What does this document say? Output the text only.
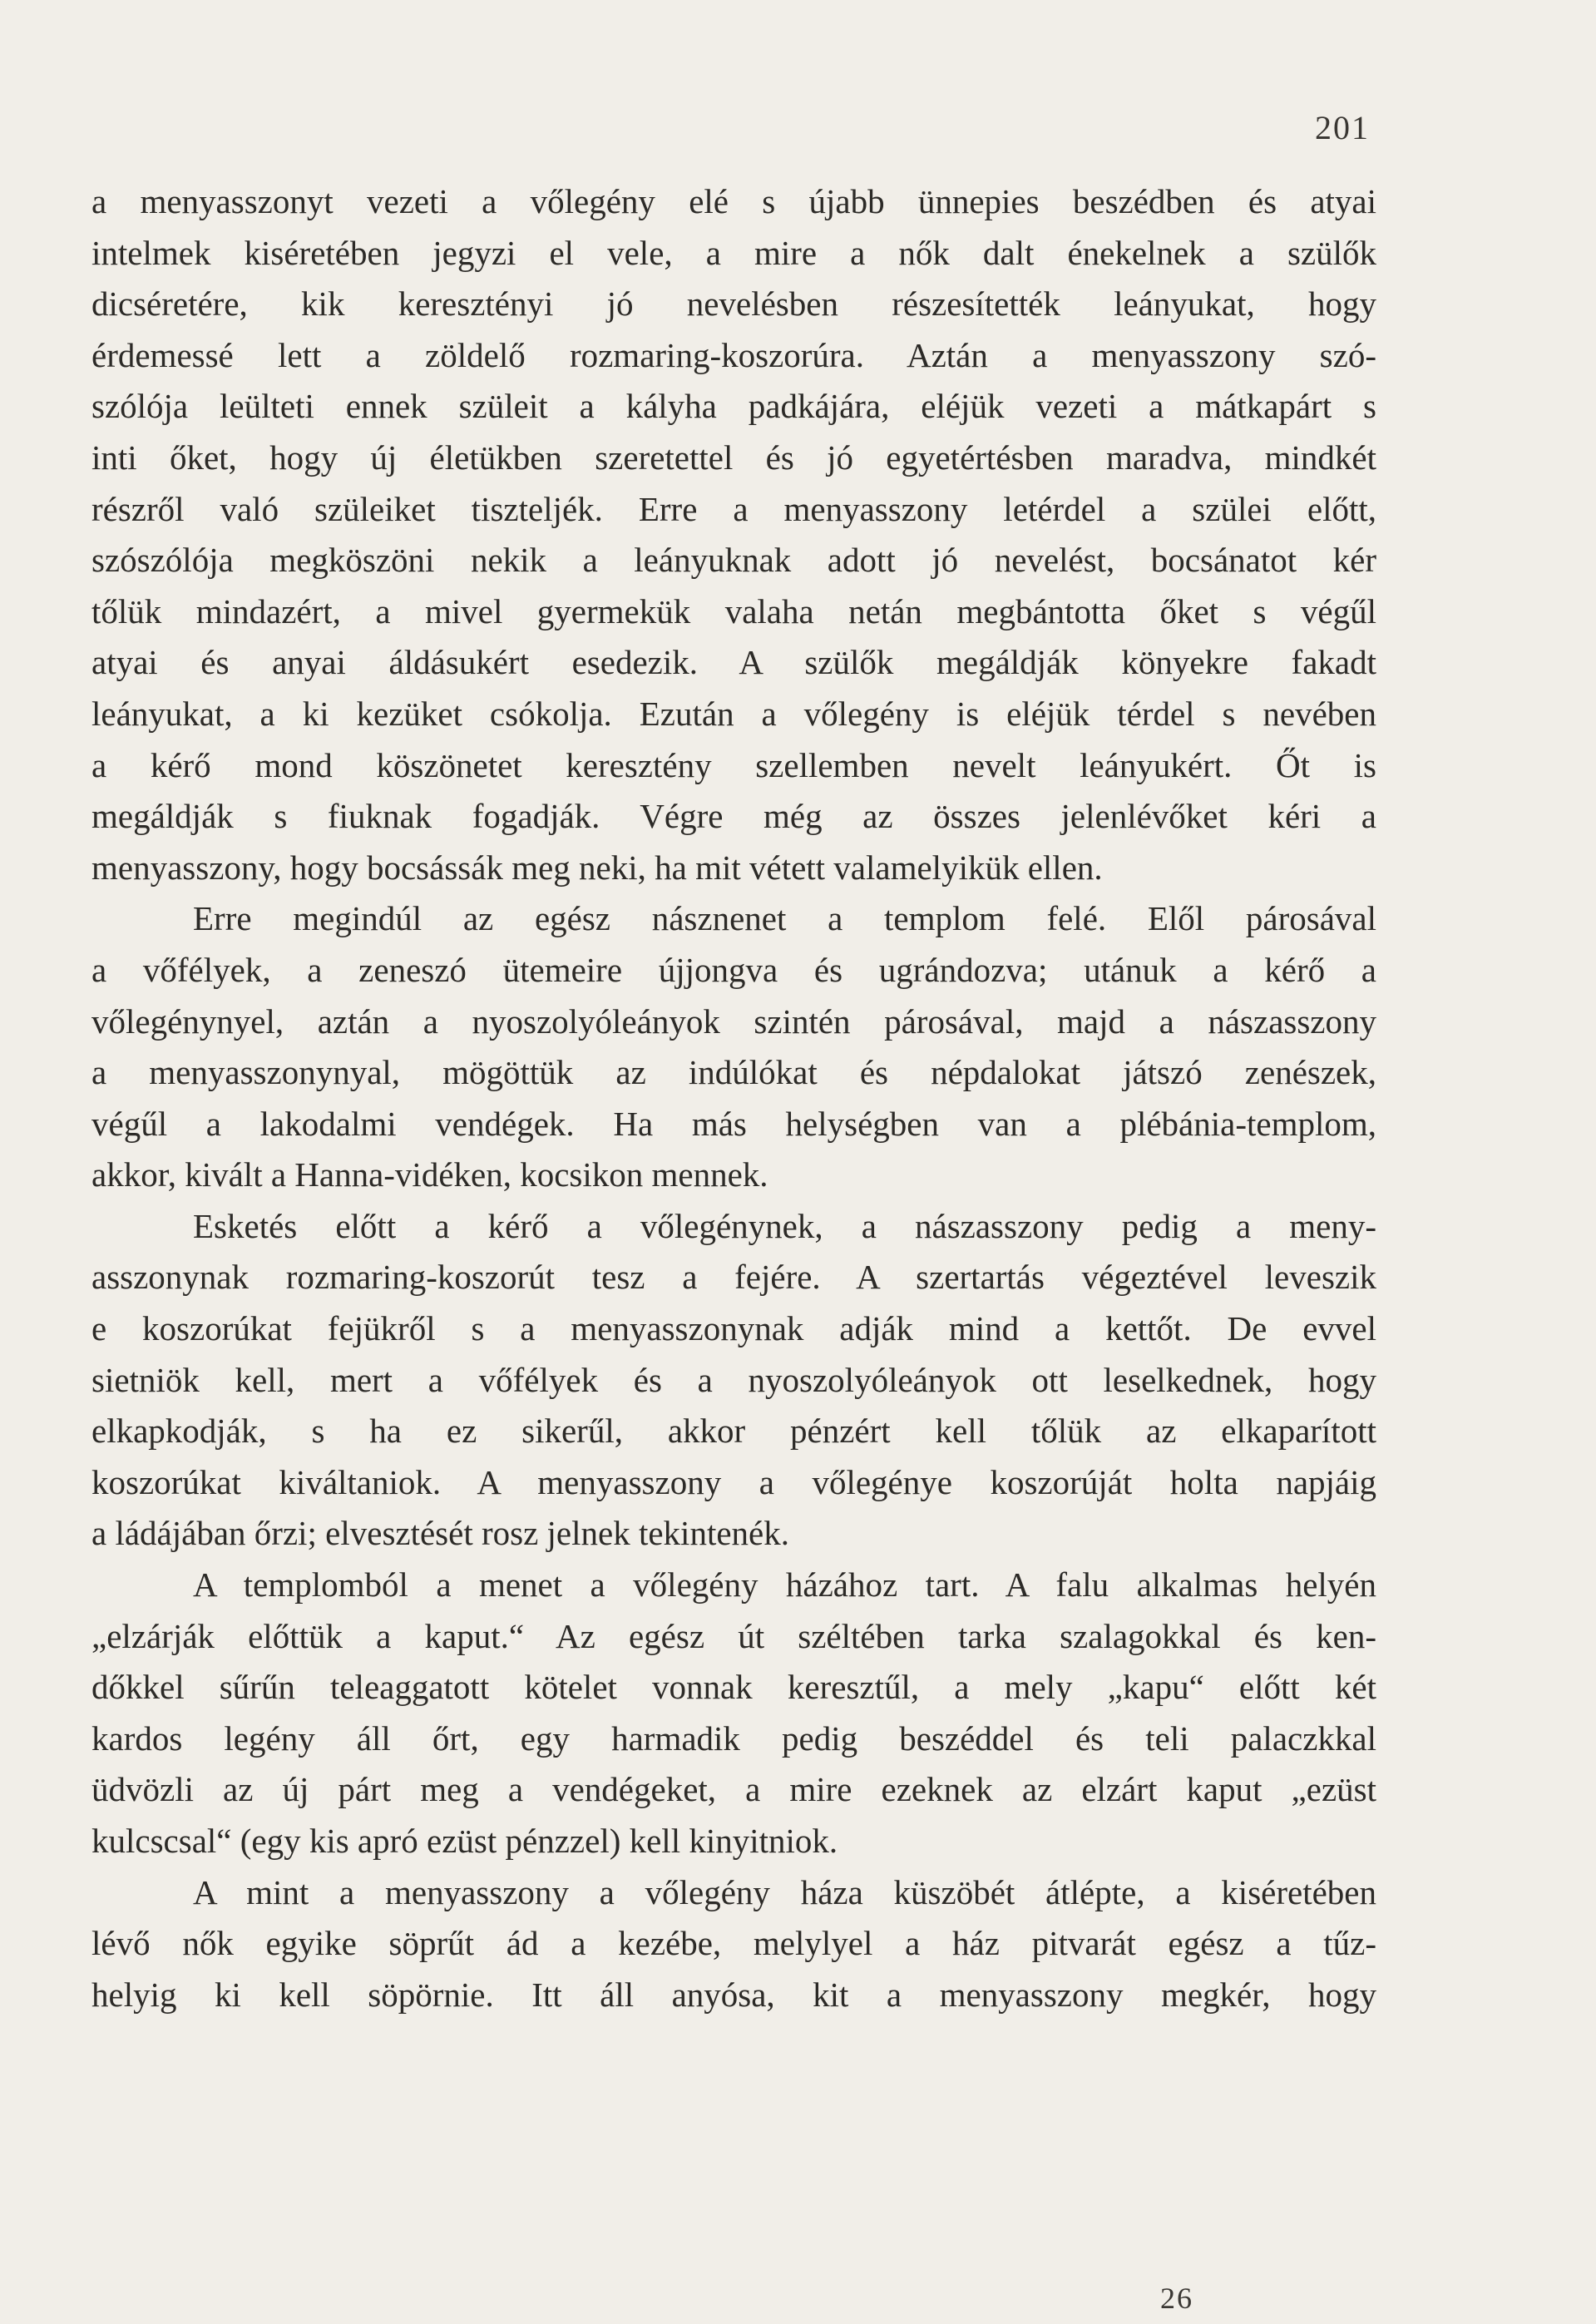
201
a menyasszonyt vezeti a vőlegény elé s újabb ünnepies beszédben és atyai
intelmek kiséretében jegyzi el vele, a mire a nők dalt énekelnek a szülők
dicséretére, kik keresztényi jó nevelésben részesítették leányukat, hogy
érdemessé lett a zöldelő rozmaring-koszorúra. Aztán a menyasszony szó-
szólója leülteti ennek szüleit a kályha padkájára, eléjük vezeti a mátkapárt s
inti őket, hogy új életükben szeretettel és jó egyetértésben maradva, mindkét
részről való szüleiket tiszteljék. Erre a menyasszony letérdel a szülei előtt,
szószólója megköszöni nekik a leányuknak adott jó nevelést, bocsánatot kér
tőlük mindazért, a mivel gyermekük valaha netán megbántotta őket s végűl
atyai és anyai áldásukért esedezik. A szülők megáldják könyekre fakadt
leányukat, a ki kezüket csókolja. Ezután a vőlegény is eléjük térdel s nevében
a kérő mond köszönetet keresztény szellemben nevelt leányukért. Őt is
megáldják s fiuknak fogadják. Végre még az összes jelenlévőket kéri a
menyasszony, hogy bocsássák meg neki, ha mit vétett valamelyikük ellen.
Erre megindúl az egész násznenet a templom felé. Elől párosával
a vőfélyek, a zeneszó ütemeire újjongva és ugrándozva; utánuk a kérő a
vőlegénynyel, aztán a nyoszolyóleányok szintén párosával, majd a nászasszony
a menyasszonynyal, mögöttük az indúlókat és népdalokat játszó zenészek,
végűl a lakodalmi vendégek. Ha más helységben van a plébánia-templom,
akkor, kivált a Hanna-vidéken, kocsikon mennek.
Esketés előtt a kérő a vőlegénynek, a nászasszony pedig a meny-
asszonynak rozmaring-koszorút tesz a fejére. A szertartás végeztével leveszik
e koszorúkat fejükről s a menyasszonynak adják mind a kettőt. De evvel
sietniök kell, mert a vőfélyek és a nyoszolyóleányok ott leselkednek, hogy
elkapkodják, s ha ez sikerűl, akkor pénzért kell tőlük az elkaparított
koszorúkat kiváltaniok. A menyasszony a vőlegénye koszorúját holta napjáig
a ládájában őrzi; elvesztését rosz jelnek tekintenék.
A templomból a menet a vőlegény házához tart. A falu alkalmas helyén
„elzárják előttük a kaput.“ Az egész út széltében tarka szalagokkal és ken-
dőkkel sűrűn teleaggatott kötelet vonnak keresztűl, a mely „kapu“ előtt két
kardos legény áll őrt, egy harmadik pedig beszéddel és teli palaczkkal
üdvözli az új párt meg a vendégeket, a mire ezeknek az elzárt kaput „ezüst
kulcscsal“ (egy kis apró ezüst pénzzel) kell kinyitniok.
A mint a menyasszony a vőlegény háza küszöbét átlépte, a kiséretében
lévő nők egyike söprűt ád a kezébe, melylyel a ház pitvarát egész a tűz-
helyig ki kell söpörnie. Itt áll anyósa, kit a menyasszony megkér, hogy
26
